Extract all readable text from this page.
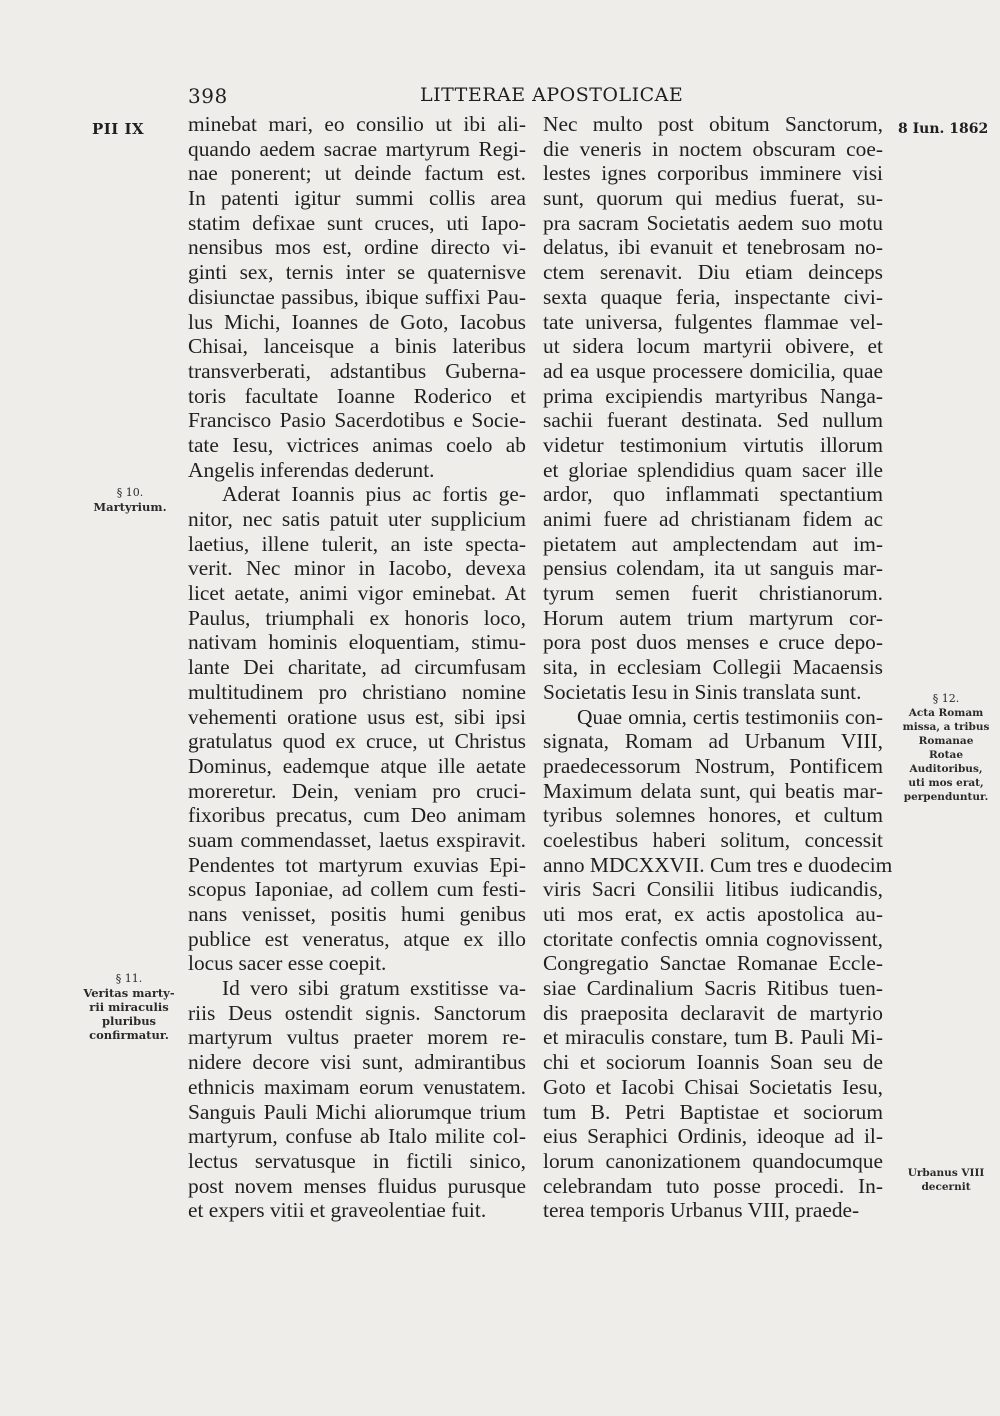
398	LITTERAE APOSTOLICAE
PII IX	8 Iun. 1862
§ 10.
Martyrium.
§ 11.
Veritas marty-
rii miraculis
pluribus
confirmatur.
§ 12.
Acta Romam
missa, a tribus
Romanae
Rotae
Auditoribus,
uti mos erat,
perpenduntur.
Urbanus VIII
decernit
minebat mari, eo consilio ut ibi ali-
quando aedem sacrae martyrum Regi-
nae ponerent; ut deinde factum est.
In patenti igitur summi collis area
statim defixae sunt cruces, uti Iapo-
nensibus mos est, ordine directo vi-
ginti sex, ternis inter se quaternisve
disiunctae passibus, ibique suffixi Pau-
lus Michi, Ioannes de Goto, Iacobus
Chisai, lanceisque a binis lateribus
transverberati, adstantibus Guberna-
toris facultate Ioanne Roderico et
Francisco Pasio Sacerdotibus e Socie-
tate Iesu, victrices animas coelo ab
Angelis inferendas dederunt.
Aderat Ioannis pius ac fortis ge-
nitor, nec satis patuit uter supplicium
laetius, illene tulerit, an iste specta-
verit. Nec minor in Iacobo, devexa
licet aetate, animi vigor eminebat. At
Paulus, triumphali ex honoris loco,
nativam hominis eloquentiam, stimu-
lante Dei charitate, ad circumfusam
multitudinem pro christiano nomine
vehementi oratione usus est, sibi ipsi
gratulatus quod ex cruce, ut Christus
Dominus, eademque atque ille aetate
moreretur. Dein, veniam pro cruci-
fixoribus precatus, cum Deo animam
suam commendasset, laetus exspiravit.
Pendentes tot martyrum exuvias Epi-
scopus Iaponiae, ad collem cum festi-
nans venisset, positis humi genibus
publice est veneratus, atque ex illo
locus sacer esse coepit.
Id vero sibi gratum exstitisse va-
riis Deus ostendit signis. Sanctorum
martyrum vultus praeter morem re-
nidere decore visi sunt, admirantibus
ethnicis maximam eorum venustatem.
Sanguis Pauli Michi aliorumque trium
martyrum, confuse ab Italo milite col-
lectus servatusque in fictili sinico,
post novem menses fluidus purusque
et expers vitii et graveolentiae fuit.
Nec multo post obitum Sanctorum,
die veneris in noctem obscuram coe-
lestes ignes corporibus imminere visi
sunt, quorum qui medius fuerat, su-
pra sacram Societatis aedem suo motu
delatus, ibi evanuit et tenebrosam no-
ctem serenavit. Diu etiam deinceps
sexta quaque feria, inspectante civi-
tate universa, fulgentes flammae vel-
ut sidera locum martyrii obivere, et
ad ea usque processere domicilia, quae
prima excipiendis martyribus Nanga-
sachii fuerant destinata. Sed nullum
videtur testimonium virtutis illorum
et gloriae splendidius quam sacer ille
ardor, quo inflammati spectantium
animi fuere ad christianam fidem ac
pietatem aut amplectendam aut im-
pensius colendam, ita ut sanguis mar-
tyrum semen fuerit christianorum.
Horum autem trium martyrum cor-
pora post duos menses e cruce depo-
sita, in ecclesiam Collegii Macaensis
Societatis Iesu in Sinis translata sunt.
Quae omnia, certis testimoniis con-
signata, Romam ad Urbanum VIII,
praedecessorum Nostrum, Pontificem
Maximum delata sunt, qui beatis mar-
tyribus solemnes honores, et cultum
coelestibus haberi solitum, concessit
anno MDCXXVII. Cum tres e duodecim
viris Sacri Consilii litibus iudicandis,
uti mos erat, ex actis apostolica au-
ctoritate confectis omnia cognovissent,
Congregatio Sanctae Romanae Eccle-
siae Cardinalium Sacris Ritibus tuen-
dis praeposita declaravit de martyrio
et miraculis constare, tum B. Pauli Mi-
chi et sociorum Ioannis Soan seu de
Goto et Iacobi Chisai Societatis Iesu,
tum B. Petri Baptistae et sociorum
eius Seraphici Ordinis, ideoque ad il-
lorum canonizationem quandocumque
celebrandam tuto posse procedi. In-
terea temporis Urbanus VIII, praede-
